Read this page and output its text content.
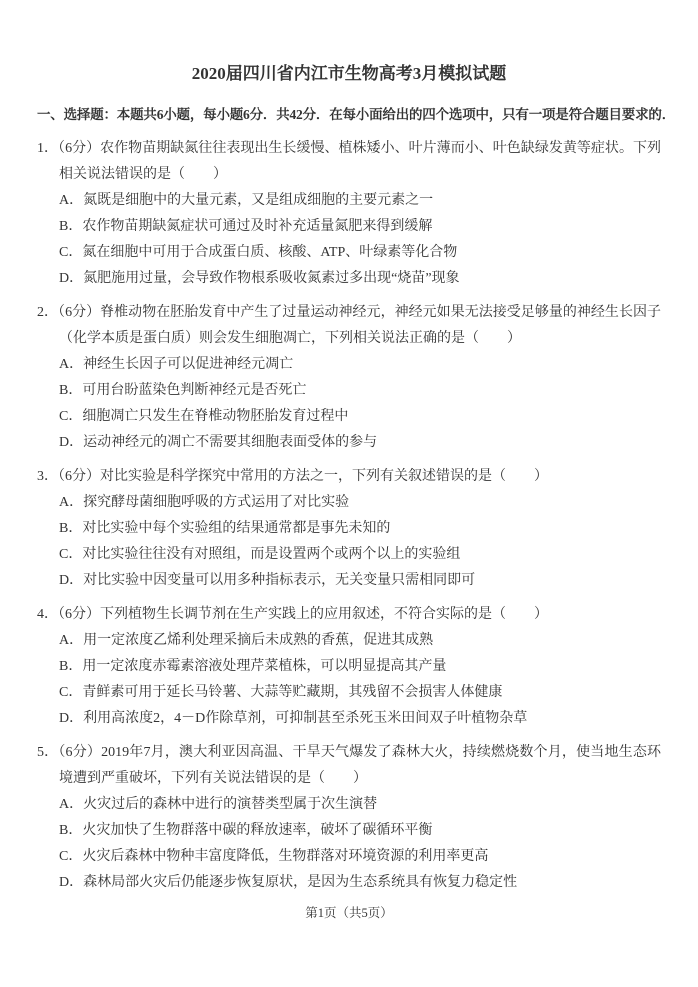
2020届四川省内江市生物高考3月模拟试题
一、选择题：本题共6小题，每小题6分．共42分．在每小面给出的四个选项中，只有一项是符合题目要求的．
1．（6分）农作物苗期缺氮往往表现出生长缓慢、植株矮小、叶片薄而小、叶色缺绿发黄等症状。下列相关说法错误的是（　　）
A．氮既是细胞中的大量元素，又是组成细胞的主要元素之一
B．农作物苗期缺氮症状可通过及时补充适量氮肥来得到缓解
C．氮在细胞中可用于合成蛋白质、核酸、ATP、叶绿素等化合物
D．氮肥施用过量，会导致作物根系吸收氮素过多出现“烧苗”现象
2．（6分）脊椎动物在胚胎发育中产生了过量运动神经元，神经元如果无法接受足够量的神经生长因子（化学本质是蛋白质）则会发生细胞凋亡，下列相关说法正确的是（　　）
A．神经生长因子可以促进神经元凋亡
B．可用台盼蓝染色判断神经元是否死亡
C．细胞凋亡只发生在脊椎动物胚胎发育过程中
D．运动神经元的凋亡不需要其细胞表面受体的参与
3．（6分）对比实验是科学探究中常用的方法之一，下列有关叙述错误的是（　　）
A．探究酵母菌细胞呼吸的方式运用了对比实验
B．对比实验中每个实验组的结果通常都是事先未知的
C．对比实验往往没有对照组，而是设置两个或两个以上的实验组
D．对比实验中因变量可以用多种指标表示，无关变量只需相同即可
4．（6分）下列植物生长调节剂在生产实践上的应用叙述，不符合实际的是（　　）
A．用一定浓度乙烯利处理采摘后未成熟的香蕉，促进其成熟
B．用一定浓度赤霉素溶液处理芹菜植株，可以明显提高其产量
C．青鲜素可用于延长马铃薯、大蒜等贮藏期，其残留不会损害人体健康
D．利用高浓度2，4－D作除草剂，可抑制甚至杀死玉米田间双子叶植物杂草
5．（6分）2019年7月，澳大利亚因高温、干旱天气爆发了森林大火，持续燃烧数个月，使当地生态环境遭到严重破坏，下列有关说法错误的是（　　）
A．火灾过后的森林中进行的演替类型属于次生演替
B．火灾加快了生物群落中碳的释放速率，破坏了碳循环平衡
C．火灾后森林中物种丰富度降低，生物群落对环境资源的利用率更高
D．森林局部火灾后仍能逐步恢复原状，是因为生态系统具有恢复力稳定性
第1页（共5页）
